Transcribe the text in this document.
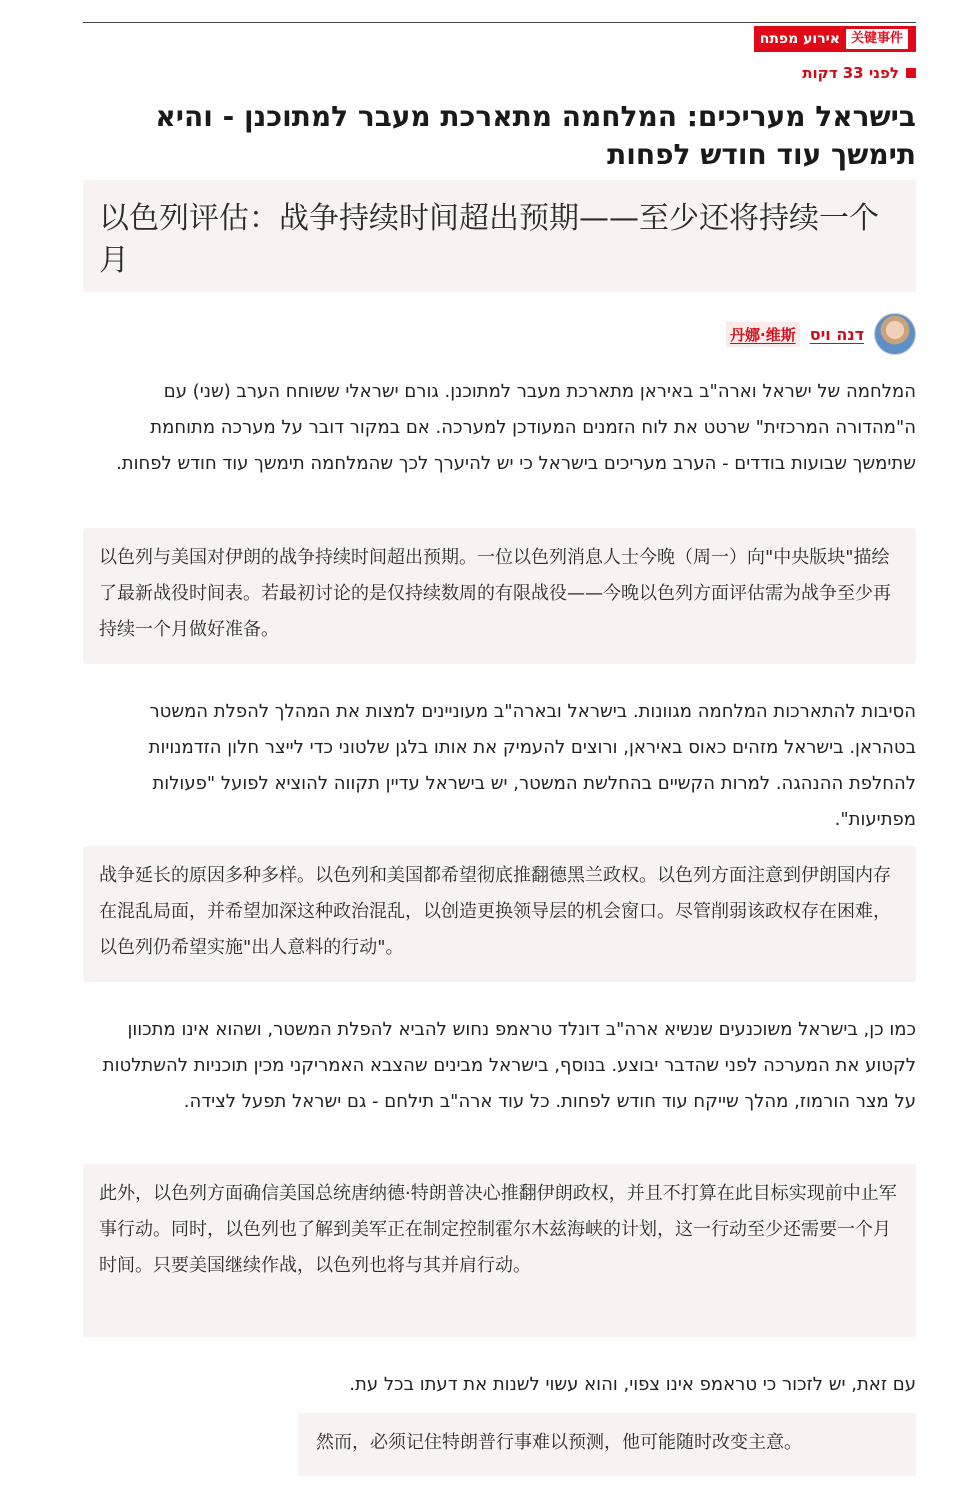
אירוע מפתח 关键事件
לפני 33 דקות
בישראל מעריכים: המלחמה מתארכת מעבר למתוכנן - והיא תימשך עוד חודש לפחות
以色列评估：战争持续时间超出预期——至少还将持续一个月
דנה ויס
丹娜·维斯

המלחמה של ישראל וארה"ב באיראן מתארכת מעבר למתוכנן. גורם ישראלי ששוחח הערב (שני) עם ה"מהדורה המרכזית" שרטט את לוח הזמנים המעודכן למערכה. אם במקור דובר על מערכה מתוחמת שתימשך שבועות בודדים - הערב מעריכים בישראל כי יש להיערך לכך שהמלחמה תימשך עוד חודש לפחות.

以色列与美国对伊朗的战争持续时间超出预期。一位以色列消息人士今晚（周一）向"中央版块"描绘了最新战役时间表。若最初讨论的是仅持续数周的有限战役——今晚以色列方面评估需为战争至少再持续一个月做好准备。

הסיבות להתארכות המלחמה מגוונות. בישראל ובארה"ב מעוניינים למצות את המהלך להפלת המשטר בטהראן. בישראל מזהים כאוס באיראן, ורוצים להעמיק את אותו בלגן שלטוני כדי לייצר חלון הזדמנויות להחלפת ההנהגה. למרות הקשיים בהחלשת המשטר, יש בישראל עדיין תקווה להוציא לפועל "פעולות מפתיעות".

战争延长的原因多种多样。以色列和美国都希望彻底推翻德黑兰政权。以色列方面注意到伊朗国内存在混乱局面，并希望加深这种政治混乱，以创造更换领导层的机会窗口。尽管削弱该政权存在困难，以色列仍希望实施"出人意料的行动"。

כמו כן, בישראל משוכנעים שנשיא ארה"ב דונלד טראמפ נחוש להביא להפלת המשטר, ושהוא אינו מתכוון לקטוע את המערכה לפני שהדבר יבוצע. בנוסף, בישראל מבינים שהצבא האמריקני מכין תוכניות להשתלטות על מצר הורמוז, מהלך שייקח עוד חודש לפחות. כל עוד ארה"ב תילחם - גם ישראל תפעל לצידה.

此外，以色列方面确信美国总统唐纳德·特朗普决心推翻伊朗政权，并且不打算在此目标实现前中止军事行动。同时，以色列也了解到美军正在制定控制霍尔木兹海峡的计划，这一行动至少还需要一个月时间。只要美国继续作战，以色列也将与其并肩行动。

עם זאת, יש לזכור כי טראמפ אינו צפוי, והוא עשוי לשנות את דעתו בכל עת.

然而，必须记住特朗普行事难以预测，他可能随时改变主意。
